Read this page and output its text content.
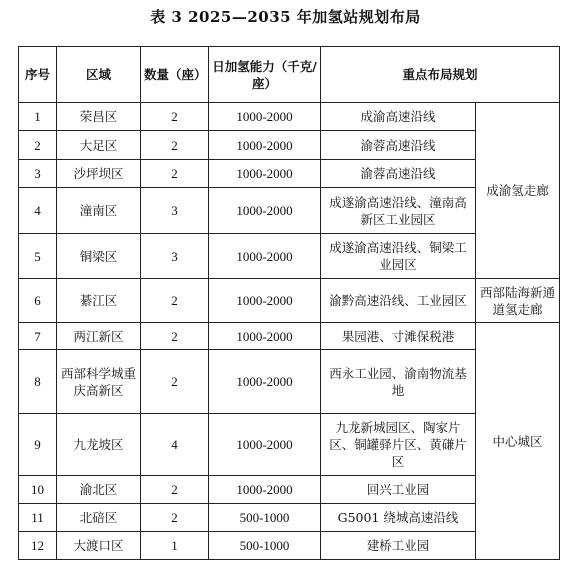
表 3 2025—2035 年加氢站规划布局
序号	区域	数量（座）	日加氢能力（千克/座）	重点布局规划	
1	荣昌区	2	1000-2000	成渝高速沿线	成渝氢走廊
2	大足区	2	1000-2000	渝蓉高速沿线	
3	沙坪坝区	2	1000-2000	渝蓉高速沿线	
4	潼南区	3	1000-2000	成遂渝高速沿线、潼南高新区工业园区	
5	铜梁区	3	1000-2000	成遂渝高速沿线、铜梁工业园区	
6	綦江区	2	1000-2000	渝黔高速沿线、工业园区	西部陆海新通道氢走廊
7	两江新区	2	1000-2000	果园港、寸滩保税港	中心城区
8	西部科学城重庆高新区	2	1000-2000	西永工业园、渝南物流基地	
9	九龙坡区	4	1000-2000	九龙新城园区、陶家片区、铜罐驿片区、黄磏片区	
10	渝北区	2	1000-2000	回兴工业园	
11	北碚区	2	500-1000	G5001 绕城高速沿线	
12	大渡口区	1	500-1000	建桥工业园	
